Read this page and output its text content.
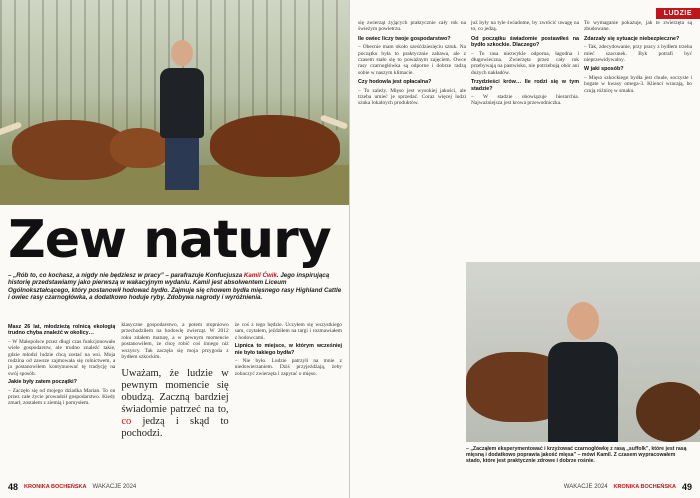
Zew natury
– „Rób to, co kochasz, a nigdy nie będziesz w pracy” – parafrazuje Konfucjusza Kamil Ćwik. Jego inspirującą historię przedstawiamy jako pierwszą w wakacyjnym wydaniu. Kamil jest absolwentem Liceum Ogólnokształcącego, który postanowił hodować bydło. Zajmuje się chowem bydła mięsnego rasy Highland Cattle i owiec rasy czarnogłówka, a dodatkowo hoduje ryby. Zdobywa nagrody i wyróżnienia.

Masz 26 lat, młodzieżą rolnicą ekologią trudno chyba znaleźć w okolicy…

– W Małopolsce przez długi czas funkcjonowało wiele gospodarstw, ale trudno znaleźć takie, gdzie młodzi ludzie chcą zostać na wsi. Moja rodzina od zawsze zajmowała się rolnictwem, a ja postanowiłem kontynuować tę tradycję na swój sposób.

Jakie były zatem początki?

– Zaczęło się od mojego dziadka Marian. To on przez całe życie prowadził gospodarstwo. Kiedy zmarł, zostałem z ziemią i pomysłem.

klasyczne gospodarstwo, a potem stopniowo przechodziłem na hodowlę zwierząt. W 2012 roku zdałem maturę, a w pewnym momencie postanowiłem, że chcę robić coś innego niż wszyscy. Tak zaczęła się moja przygoda z bydłem szkockim.

Uważam, że ludzie w pewnym momencie się obudzą. Zaczną bardziej świadomie patrzeć na to, co jedzą i skąd to pochodzi.

że coś z tego będzie. Uczyłem się wszystkiego sam, czytałem, jeździłem na targi i rozmawiałem z hodowcami.

Lipnica to miejsce, w którym wcześniej nie było takiego bydła?

– Nie było. Ludzie patrzyli na mnie z niedowierzaniem. Dziś przyjeżdżają, żeby zobaczyć zwierzęta i zapytać o mięso.

48 KRONIKA BOCHEŃSKA WAKACJE 2024
LUDZIE

się zwierząt żyjących praktycznie cały rok na świeżym powietrzu.

Ile owiec liczy twoje gospodarstwo?

– Obecnie mam około sześćdziesięciu sztuk. Na początku była to praktycznie zabawa, ale z czasem stało się to poważnym zajęciem. Owce rasy czarnogłówka są odporne i dobrze radzą sobie w naszym klimacie.

Czy hodowla jest opłacalna?

– To zależy. Mięso jest wysokiej jakości, ale trzeba umieć je sprzedać. Coraz więcej ludzi szuka lokalnych produktów.

już były na tyle świadome, by zwrócić uwagę na to, co jedzą.

Od początku świadomie postawiłeś na bydło szkockie. Dlaczego?

– To rasa niezwykle odporna, łagodna i długowieczna. Zwierzęta przez cały rok przebywają na pastwisku, nie potrzebują obór ani dużych nakładów.

Trzydzieści krów… Ile rodzi się w tym stadzie?

– W stadzie obowiązuje hierarchia. Najważniejsza jest krowa przewodniczka.

To wymaganie pokazuje, jak te zwierzęta są zbudowane.

Zdarzały się sytuacje niebezpieczne?

– Tak, zdecydowanie, przy pracy z bydłem trzeba mieć szacunek. Byk potrafi być nieprzewidywalny.

W jaki sposób?

– Mięso szkockiego bydła jest chude, soczyste i bogate w kwasy omega-3. Klienci wracają, bo czują różnicę w smaku.

– „Zacząłem eksperymentować i krzyżować czarnogłówkę z rasą „suffolk”, które jest rasą mięsną i dodatkowo poprawia jakość mięsa” – mówi Kamil. Z czasem wypracowałem stado, które jest praktycznie zdrowe i dobrze rośnie.
WAKACJE 2024 KRONIKA BOCHEŃSKA 49
